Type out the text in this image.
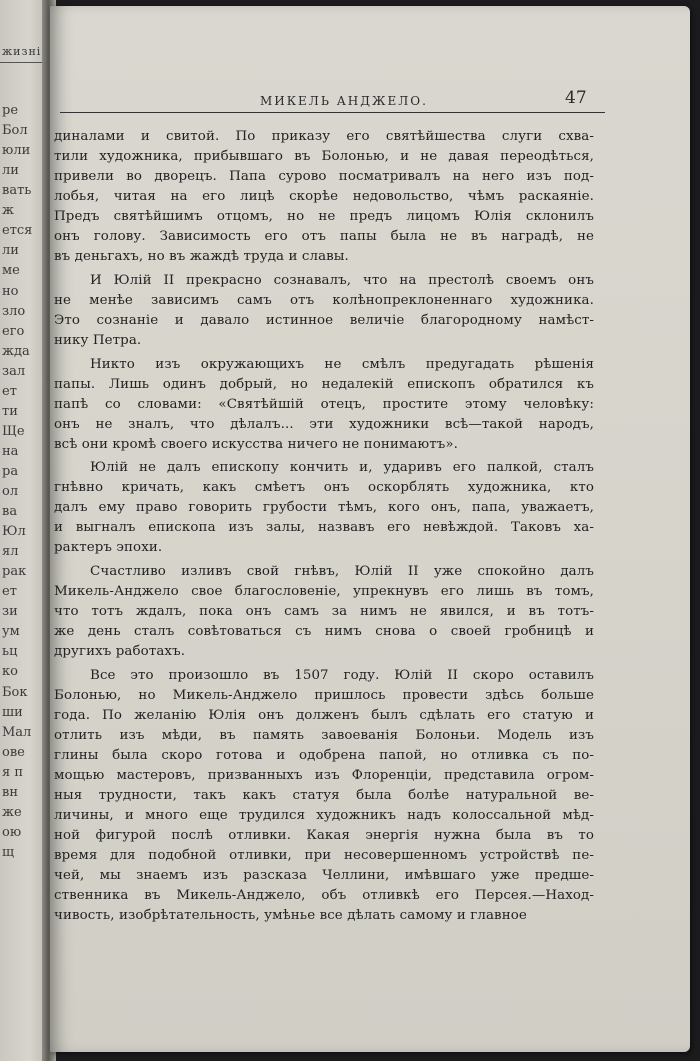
жизні
ре
Бол
юли
ли
вать
ж
ется
ли
ме
но
зло
его
жда
зал
ет
ти
Ще
на
ра
ол
ва
Юл
ял
рак
ет
зи
ум
ьц
ко
Бок
ши
Мал
ове
я п
вн
же
ою
щ
МИКЕЛЬ АНДЖЕЛО.	47
диналами и свитой. По приказу его святѣйшества слуги схва-
тили художника, прибывшаго въ Болонью, и не давая переодѣться,
привели во дворецъ. Папа сурово посматривалъ на него изъ под-
лобья, читая на его лицѣ скорѣе недовольство, чѣмъ раскаяніе.
Предъ святѣйшимъ отцомъ, но не предъ лицомъ Юлія склонилъ
онъ голову. Зависимость его отъ папы была не въ наградѣ, не
въ деньгахъ, но въ жаждѣ труда и славы.
И Юлій II прекрасно сознавалъ, что на престолѣ своемъ онъ
не менѣе зависимъ самъ отъ колѣнопреклоненнаго художника.
Это сознаніе и давало истинное величіе благородному намѣст-
нику Петра.
Никто изъ окружающихъ не смѣлъ предугадать рѣшенія
папы. Лишь одинъ добрый, но недалекій епископъ обратился къ
папѣ со словами: «Святѣйшій отецъ, простите этому человѣку:
онъ не зналъ, что дѣлалъ... эти художники всѣ—такой народъ,
всѣ они кромѣ своего искусства ничего не понимаютъ».
Юлій не далъ епископу кончить и, ударивъ его палкой, сталъ
гнѣвно кричать, какъ смѣетъ онъ оскорблять художника, кто
далъ ему право говорить грубости тѣмъ, кого онъ, папа, уважаетъ,
и выгналъ епископа изъ залы, назвавъ его невѣждой. Таковъ ха-
рактеръ эпохи.
Счастливо изливъ свой гнѣвъ, Юлій II уже спокойно далъ
Микель-Анджело свое благословеніе, упрекнувъ его лишь въ томъ,
что тотъ ждалъ, пока онъ самъ за нимъ не явился, и въ тотъ-
же день сталъ совѣтоваться съ нимъ снова о своей гробницѣ и
другихъ работахъ.
Все это произошло въ 1507 году. Юлій II скоро оставилъ
Болонью, но Микель-Анджело пришлось провести здѣсь больше
года. По желанію Юлія онъ долженъ былъ сдѣлать его статую и
отлить изъ мѣди, въ память завоеванія Болоньи. Модель изъ
глины была скоро готова и одобрена папой, но отливка съ по-
мощью мастеровъ, призванныхъ изъ Флоренціи, представила огром-
ныя трудности, такъ какъ статуя была болѣе натуральной ве-
личины, и много еще трудился художникъ надъ колоссальной мѣд-
ной фигурой послѣ отливки. Какая энергія нужна была въ то
время для подобной отливки, при несовершенномъ устройствѣ пе-
чей, мы знаемъ изъ разсказа Челлини, имѣвшаго уже предше-
ственника въ Микель-Анджело, объ отливкѣ его Персея.—Наход-
чивость, изобрѣтательность, умѣнье все дѣлать самому и главное
